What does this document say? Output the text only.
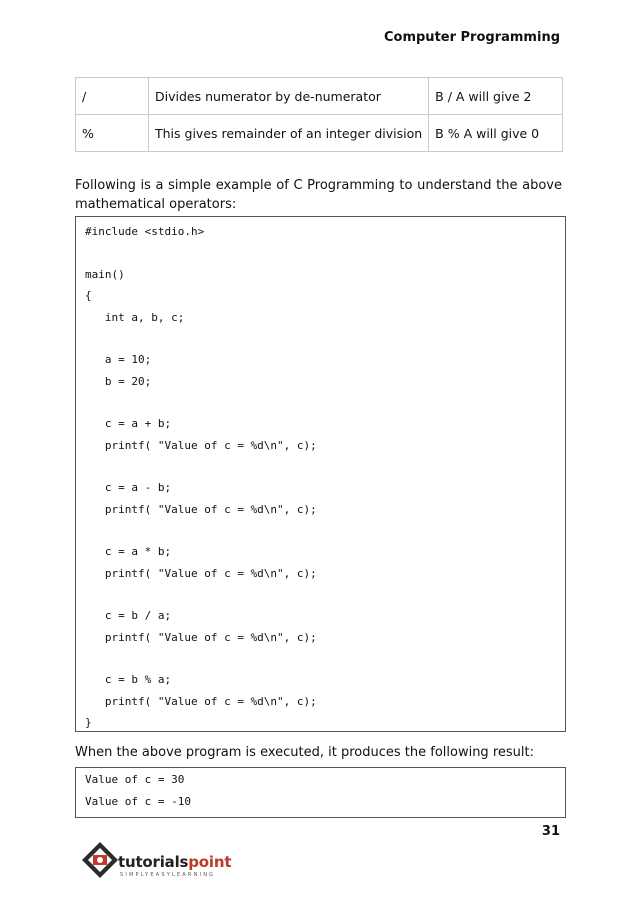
Computer Programming
/	Divides numerator by de-numerator	B / A will give 2
%	This gives remainder of an integer division	B % A will give 0
Following is a simple example of C Programming to understand the above
mathematical operators:
#include <stdio.h>
main()
{
int a, b, c;
a = 10;
b = 20;
c = a + b;
printf( "Value of c = %d\n", c);
c = a - b;
printf( "Value of c = %d\n", c);
c = a * b;
printf( "Value of c = %d\n", c);
c = b / a;
printf( "Value of c = %d\n", c);
c = b % a;
printf( "Value of c = %d\n", c);
}
When the above program is executed, it produces the following result:
Value of c = 30
Value of c = -10
31
tutorialspoint
SIMPLYEASYLEARNING
